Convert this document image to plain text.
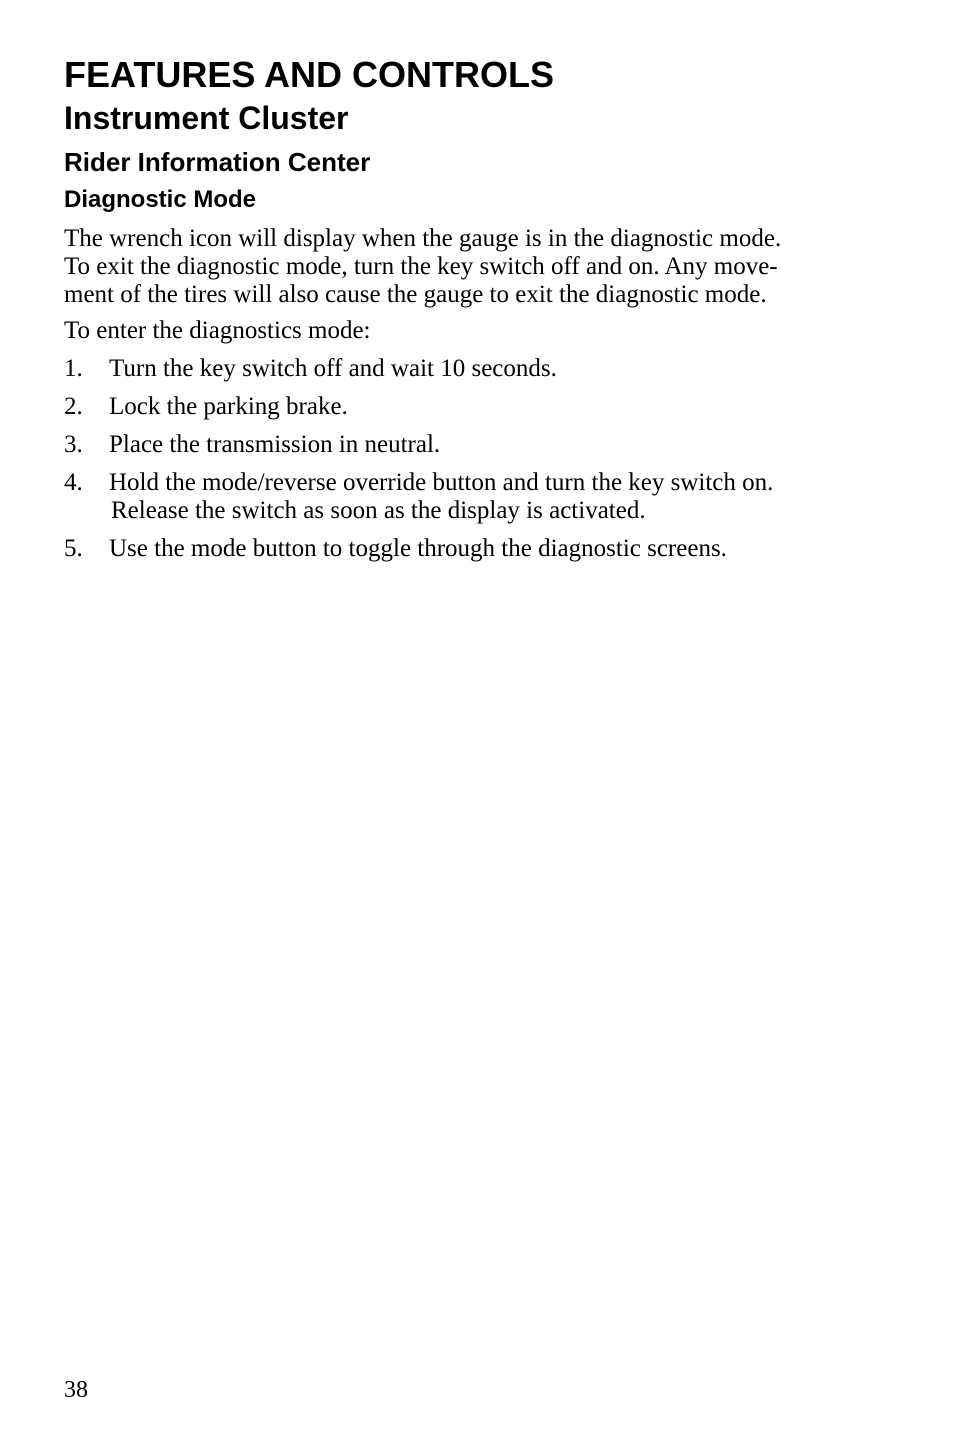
FEATURES AND CONTROLS
Instrument Cluster
Rider Information Center
Diagnostic Mode

The wrench icon will display when the gauge is in the diagnostic mode.
To exit the diagnostic mode, turn the key switch off and on. Any move-
ment of the tires will also cause the gauge to exit the diagnostic mode.

To enter the diagnostics mode:

1. Turn the key switch off and wait 10 seconds.
2. Lock the parking brake.
3. Place the transmission in neutral.
4. Hold the mode/reverse override button and turn the key switch on.
Release the switch as soon as the display is activated.
5. Use the mode button to toggle through the diagnostic screens.

38
